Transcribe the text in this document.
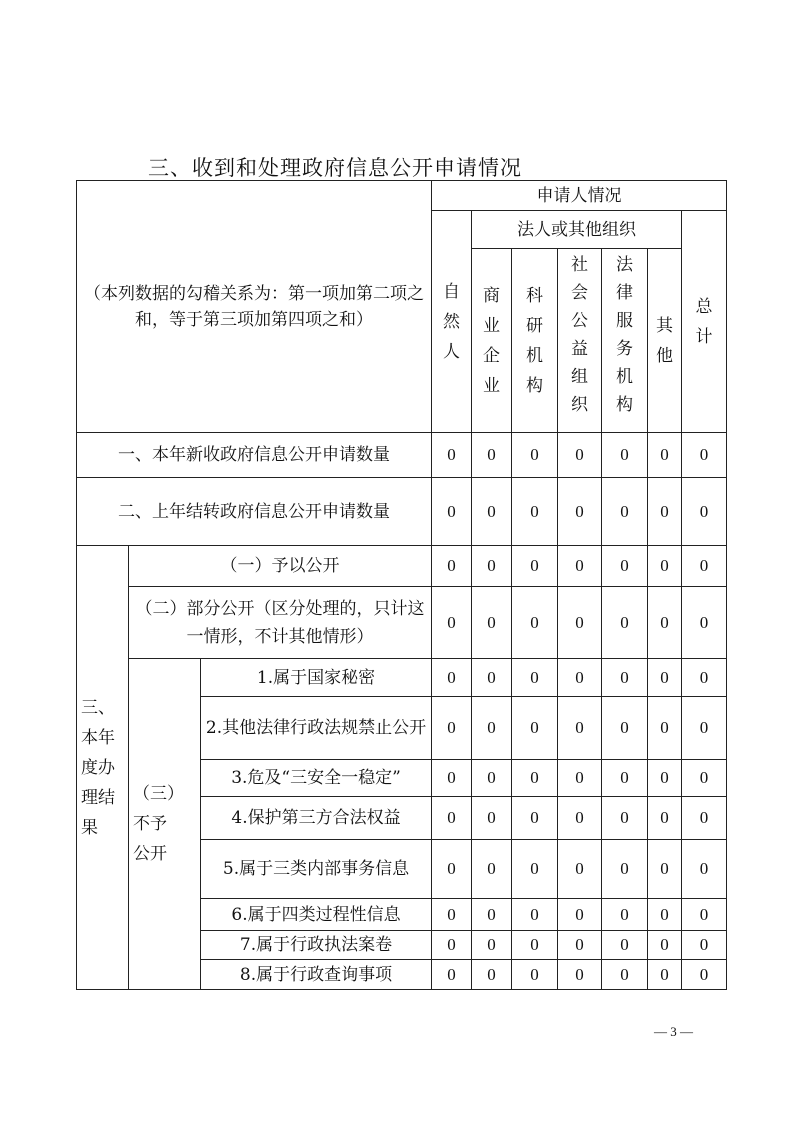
三、收到和处理政府信息公开申请情况
（本列数据的勾稽关系为：第一项加第二项之和，等于第三项加第四项之和）			申请人情况						
			自然人	法人或其他组织					总计
				商业企业	科研机构	社会公益组织	法律服务机构	其他	
一、本年新收政府信息公开申请数量			0	0	0	0	0	0	0
二、上年结转政府信息公开申请数量			0	0	0	0	0	0	0
三、本年度办理结果	（一）予以公开		0	0	0	0	0	0	0
	（二）部分公开（区分处理的，只计这一情形，不计其他情形）		0	0	0	0	0	0	0
	（三）不予公开	1.属于国家秘密	0	0	0	0	0	0	0
		2.其他法律行政法规禁止公开	0	0	0	0	0	0	0
		3.危及“三安全一稳定”	0	0	0	0	0	0	0
		4.保护第三方合法权益	0	0	0	0	0	0	0
		5.属于三类内部事务信息	0	0	0	0	0	0	0
		6.属于四类过程性信息	0	0	0	0	0	0	0
		7.属于行政执法案卷	0	0	0	0	0	0	0
		8.属于行政查询事项	0	0	0	0	0	0	0
— 3 —
